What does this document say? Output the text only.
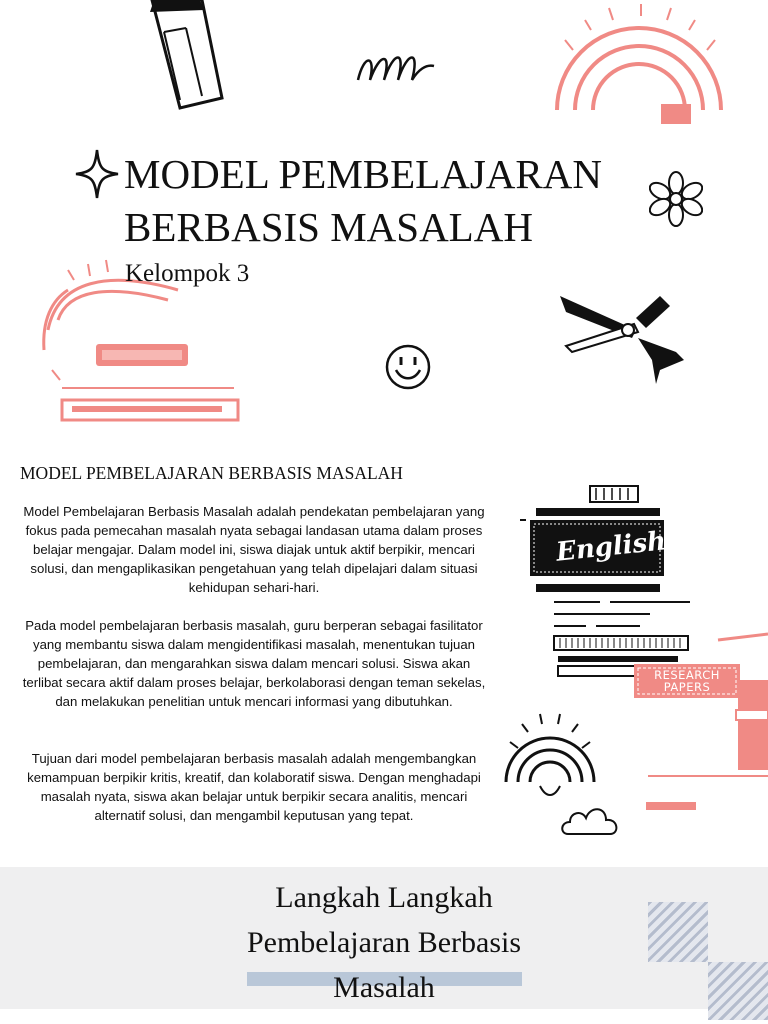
MODEL PEMBELAJARAN
BERBASIS MASALAH
Kelompok 3
MODEL PEMBELAJARAN BERBASIS MASALAH

Model Pembelajaran Berbasis Masalah adalah pendekatan pembelajaran yang fokus pada pemecahan masalah nyata sebagai landasan utama dalam proses belajar mengajar. Dalam model ini, siswa diajak untuk aktif berpikir, mencari solusi, dan mengaplikasikan pengetahuan yang telah dipelajari dalam situasi kehidupan sehari-hari.

Pada model pembelajaran berbasis masalah, guru berperan sebagai fasilitator yang membantu siswa dalam mengidentifikasi masalah, menentukan tujuan pembelajaran, dan mengarahkan siswa dalam mencari solusi. Siswa akan terlibat secara aktif dalam proses belajar, berkolaborasi dengan teman sekelas, dan melakukan penelitian untuk mencari informasi yang dibutuhkan.

Tujuan dari model pembelajaran berbasis masalah adalah mengembangkan kemampuan berpikir kritis, kreatif, dan kolaboratif siswa. Dengan menghadapi masalah nyata, siswa akan belajar untuk berpikir secara analitis, mencari alternatif solusi, dan mengambil keputusan yang tepat.

English
RESEARCH PAPERS
Langkah Langkah
Pembelajaran Berbasis
Masalah
